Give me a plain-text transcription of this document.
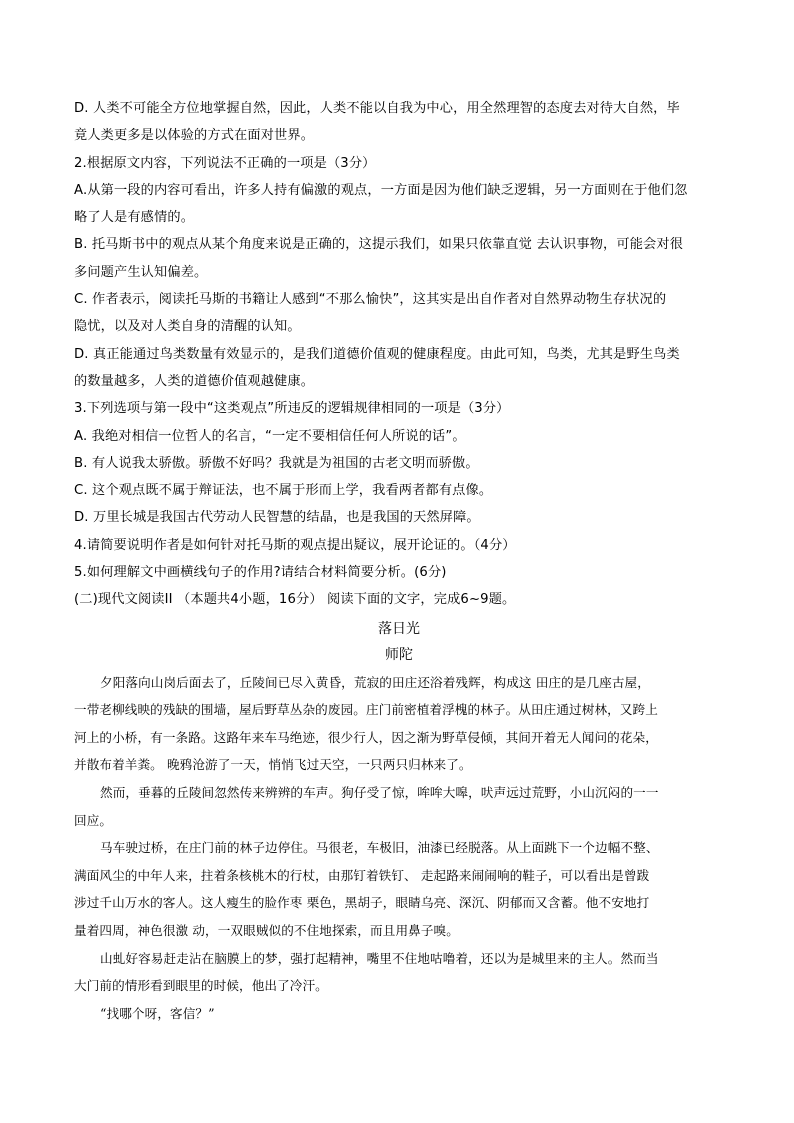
D. 人类不可能全方位地掌握自然，因此，人类不能以自我为中心，用全然理智的态度去对待大自然，毕
竟人类更多是以体验的方式在面对世界。
2.根据原文内容，下列说法不正确的一项是（3分）
A.从第一段的内容可看出，许多人持有偏激的观点，一方面是因为他们缺乏逻辑，另一方面则在于他们忽
略了人是有感情的。
B. 托马斯书中的观点从某个角度来说是正确的，这提示我们，如果只依靠直觉 去认识事物，可能会对很
多问题产生认知偏差。
C. 作者表示，阅读托马斯的书籍让人感到“不那么愉快”，这其实是出自作者对自然界动物生存状况的
隐忧，以及对人类自身的清醒的认知。
D. 真正能通过鸟类数量有效显示的，是我们道德价值观的健康程度。由此可知，鸟类，尤其是野生鸟类
的数量越多，人类的道德价值观越健康。
3.下列选项与第一段中“这类观点”所违反的逻辑规律相同的一项是（3分）
A. 我绝对相信一位哲人的名言，“一定不要相信任何人所说的话”。
B. 有人说我太骄傲。骄傲不好吗？我就是为祖国的古老文明而骄傲。
C. 这个观点既不属于辩证法，也不属于形而上学，我看两者都有点像。
D. 万里长城是我国古代劳动人民智慧的结晶，也是我国的天然屏障。
4.请简要说明作者是如何针对托马斯的观点提出疑议，展开论证的。（4分）
5.如何理解文中画横线句子的作用?请结合材料简要分析。(6分)
(二)现代文阅读II （本题共4小题，16分） 阅读下面的文字，完成6~9题。
落日光
师陀
夕阳落向山岗后面去了，丘陵间已尽入黄昏，荒寂的田庄还浴着残辉，构成这 田庄的是几座古屋，
一带老柳线映的残缺的围墙，屋后野草丛杂的废园。庄门前密植着浮槐的林子。从田庄通过树林，又跨上
河上的小桥，有一条路。这路年来车马绝迹，很少行人，因之渐为野草侵倾，其间开着无人闻问的花朵，
并散布着羊粪。 晚鸦沧游了一天，悄悄飞过天空，一只两只归林来了。
然而，垂暮的丘陵间忽然传来辨辨的车声。狗仔受了惊，哞哞大嗥，吠声远过荒野，小山沉闷的一一
回应。
马车驶过桥，在庄门前的林子边停住。马很老，车极旧，油漆已经脱落。从上面跳下一个边幅不整、
满面风尘的中年人来，拄着条核桃木的行杖，由那钉着铁钉、 走起路来闹闹响的鞋子，可以看出是曾跋
涉过千山万水的客人。这人瘦生的脸作枣 栗色，黑胡子，眼睛乌亮、深沉、阴郁而又含蓄。他不安地打
量着四周，神色很激 动，一双眼贼似的不住地探索，而且用鼻子嗅。
山虬好容易赶走沾在脑膜上的梦，强打起精神，嘴里不住地咕噜着，还以为是城里来的主人。然而当
大门前的情形看到眼里的时候，他出了冷汗。
“找哪个呀，客信？”
